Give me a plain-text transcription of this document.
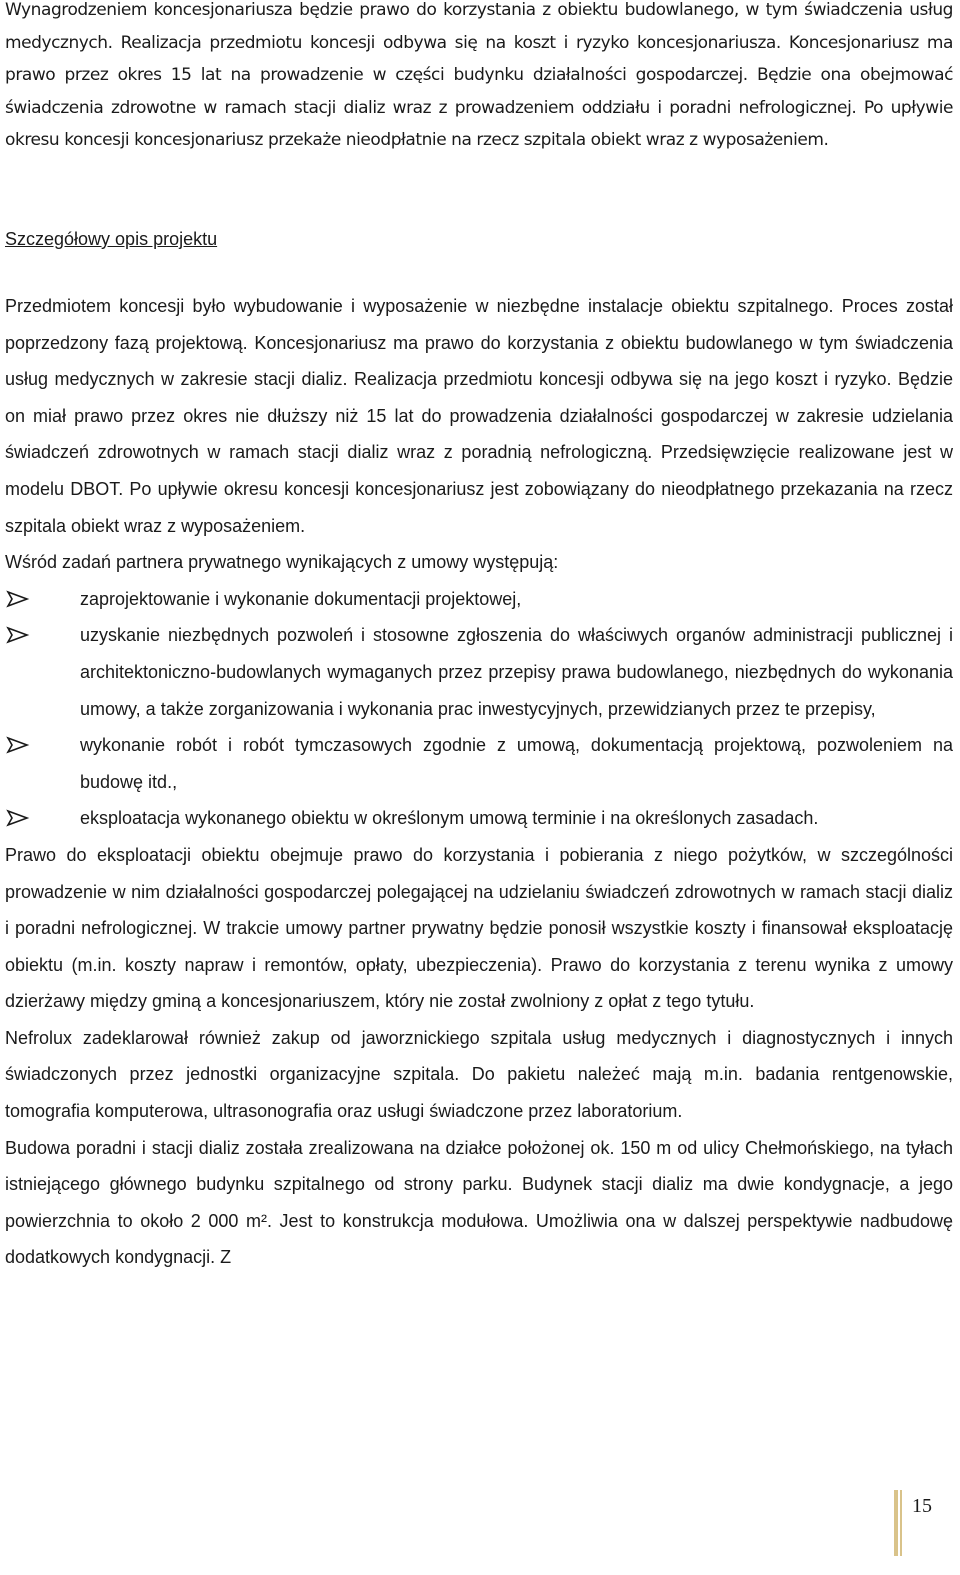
Wynagrodzeniem koncesjonariusza będzie prawo do korzystania z obiektu budowlanego, w tym świadczenia usług medycznych. Realizacja przedmiotu koncesji odbywa się na koszt i ryzyko koncesjonariusza. Koncesjonariusz ma prawo przez okres 15 lat na prowadzenie w części budynku działalności gospodarczej. Będzie ona obejmować świadczenia zdrowotne w ramach stacji dializ wraz z prowadzeniem oddziału i poradni nefrologicznej. Po upływie okresu koncesji koncesjonariusz przekaże nieodpłatnie na rzecz szpitala obiekt wraz z wyposażeniem.

Szczegółowy opis projektu

Przedmiotem koncesji było wybudowanie i wyposażenie w niezbędne instalacje obiektu szpitalnego. Proces został poprzedzony fazą projektową. Koncesjonariusz ma prawo do korzystania z obiektu budowlanego w tym świadczenia usług medycznych w zakresie stacji dializ. Realizacja przedmiotu koncesji odbywa się na jego koszt i ryzyko. Będzie on miał prawo przez okres nie dłuższy niż 15 lat do prowadzenia działalności gospodarczej w zakresie udzielania świadczeń zdrowotnych w ramach stacji dializ wraz z poradnią nefrologiczną. Przedsięwzięcie realizowane jest w modelu DBOT. Po upływie okresu koncesji koncesjonariusz jest zobowiązany do nieodpłatnego przekazania na rzecz szpitala obiekt wraz z wyposażeniem.

Wśród zadań partnera prywatnego wynikających z umowy występują:

zaprojektowanie i wykonanie dokumentacji projektowej,
uzyskanie niezbędnych pozwoleń i stosowne zgłoszenia do właściwych organów administracji publicznej i architektoniczno-budowlanych wymaganych przez przepisy prawa budowlanego, niezbędnych do wykonania umowy, a także zorganizowania i wykonania prac inwestycyjnych, przewidzianych przez te przepisy,
wykonanie robót i robót tymczasowych zgodnie z umową, dokumentacją projektową, pozwoleniem na budowę itd.,
eksploatacja wykonanego obiektu w określonym umową terminie i na określonych zasadach.

Prawo do eksploatacji obiektu obejmuje prawo do korzystania i pobierania z niego pożytków, w szczególności prowadzenie w nim działalności gospodarczej polegającej na udzielaniu świadczeń zdrowotnych w ramach stacji dializ i poradni nefrologicznej. W trakcie umowy partner prywatny będzie ponosił wszystkie koszty i finansował eksploatację obiektu (m.in. koszty napraw i remontów, opłaty, ubezpieczenia). Prawo do korzystania z terenu wynika z umowy dzierżawy między gminą a koncesjonariuszem, który nie został zwolniony z opłat z tego tytułu.

Nefrolux zadeklarował również zakup od jaworznickiego szpitala usług medycznych i diagnostycznych i innych świadczonych przez jednostki organizacyjne szpitala. Do pakietu należeć mają m.in. badania rentgenowskie, tomografia komputerowa, ultrasonografia oraz usługi świadczone przez laboratorium.

Budowa poradni i stacji dializ została zrealizowana na działce położonej ok. 150 m od ulicy Chełmońskiego, na tyłach istniejącego głównego budynku szpitalnego od strony parku. Budynek stacji dializ ma dwie kondygnacje, a jego powierzchnia to około 2 000 m². Jest to konstrukcja modułowa. Umożliwia ona w dalszej perspektywie nadbudowę dodatkowych kondygnacji. Z

15
